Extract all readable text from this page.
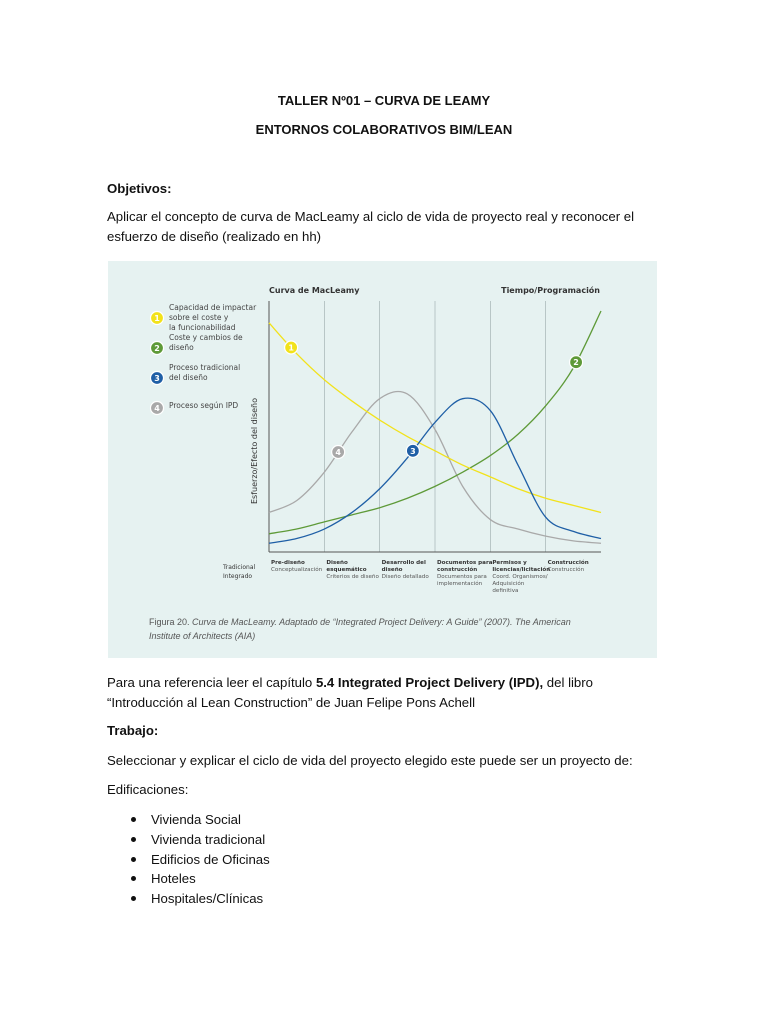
TALLER Nº01 – CURVA DE LEAMY
ENTORNOS COLABORATIVOS BIM/LEAN
Objetivos:
Aplicar el concepto de curva de MacLeamy al ciclo de vida de proyecto real y reconocer el
esfuerzo de diseño (realizado en hh)
Curva de MacLeamy	Tiempo/Programación
Esfuerzo/Efecto del diseño
1
2
3
4
1
Capacidad de impactar
sobre el coste y
la funcionabilidad
2
Coste y cambios de
diseño
3
Proceso tradicional
del diseño
4 Proceso según IPD
Pre-diseño
Conceptualización
Diseño
esquemático
Criterios de diseño
Desarrollo del
diseño
Diseño detallado
Documentos para
construcción
Documentos para
implementación
Permisos y
licencias/licitación
Coord. Organismos/
Adquisición
definitiva
Construcción
Construcción
Tradicional
Integrado
Figura 20. Curva de MacLeamy. Adaptado de “Integrated Project Delivery: A Guide” (2007). The American
Institute of Architects (AIA)
Para una referencia leer el capítulo 5.4 Integrated Project Delivery (IPD), del libro
“Introducción al Lean Construction” de Juan Felipe Pons Achell
Trabajo:
Seleccionar y explicar el ciclo de vida del proyecto elegido este puede ser un proyecto de:
Edificaciones:
Vivienda Social
Vivienda tradicional
Edificios de Oficinas
Hoteles
Hospitales/Clínicas
